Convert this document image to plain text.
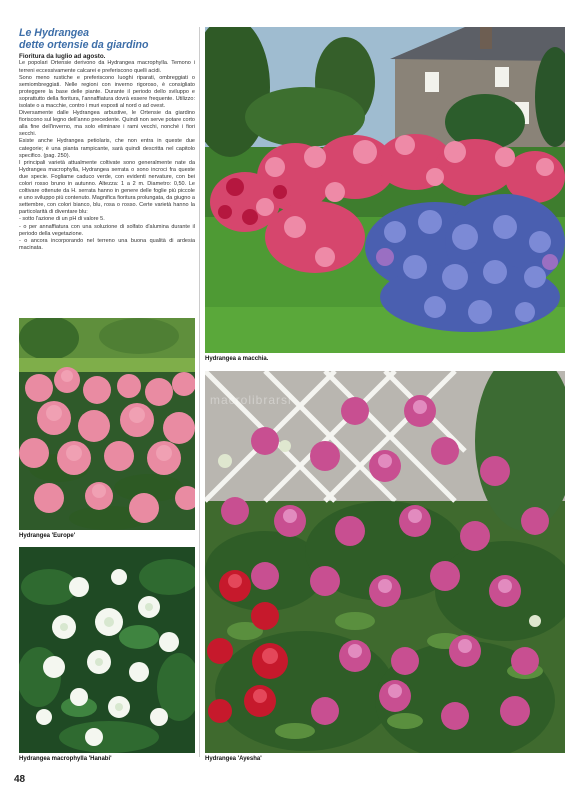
Le Hydrangea
dette ortensie da giardino
Fioritura da luglio ad agosto.

Le popolari Ortensie derivono da Hydrangea macrophylla. Temono i terreni eccessivamente calcarei e preferiscono quelli acidi.

Sono meno rustiche e preferiscono luoghi riparati, ombreggiati o semiombreggiati. Nelle regioni con inverno rigoroso, è consigliato proteggere la base delle piante. Durante il periodo dello sviluppo e soprattutto della fioritura, l'annaffiatura dovrà essere frequente. Utilizzo: isolate o a macchie, contro i muri esposti al nord o ad ovest.

Diversamente dalle Hydrangea arbustive, le Ortensie da giardino fioriscono sul legno dell'anno precedente. Quindi non serve potare corto alla fine dell'inverno, ma solo eliminare i rami vecchi, nonché i fiori secchi.

Esiste anche Hydrangea petiolaris, che non entra in queste due categorie; è una pianta rampicante, sarà quindi descritta nel capitolo specifico. (pag. 250).

I principali varietà attualmente coltivate sono generalmente nate da Hydrangea macrophylla, Hydrangea serrata o sono incroci fra queste due specie. Fogliame caduco verde, con evidenti nervature, con bei colori rosso bruno in autunno. Altezza: 1 a 2 m. Diametro: 0,50. Le coltivare ottenute da H. serrata hanno in genere delle foglie più piccole e uno sviluppo più contenuto. Magnifica fioritura prolungata, da giugno a settembre, con colori bianco, blu, rosa o rosso. Certe varietà hanno la particolarità di diventare blu:

- sotto l'azione di un pH di valore 5.

- o per annaffiatura con una soluzione di solfato d'alumina durante il periodo della vegetazione.

- o ancora incorporando nel terreno una buona qualità di ardesia macinata.

Hydrangea 'Europe'
Hydrangea macrophylla 'Hanabi'
Hydrangea a macchia.
Hydrangea 'Ayesha'
macrolibrarsi
48
